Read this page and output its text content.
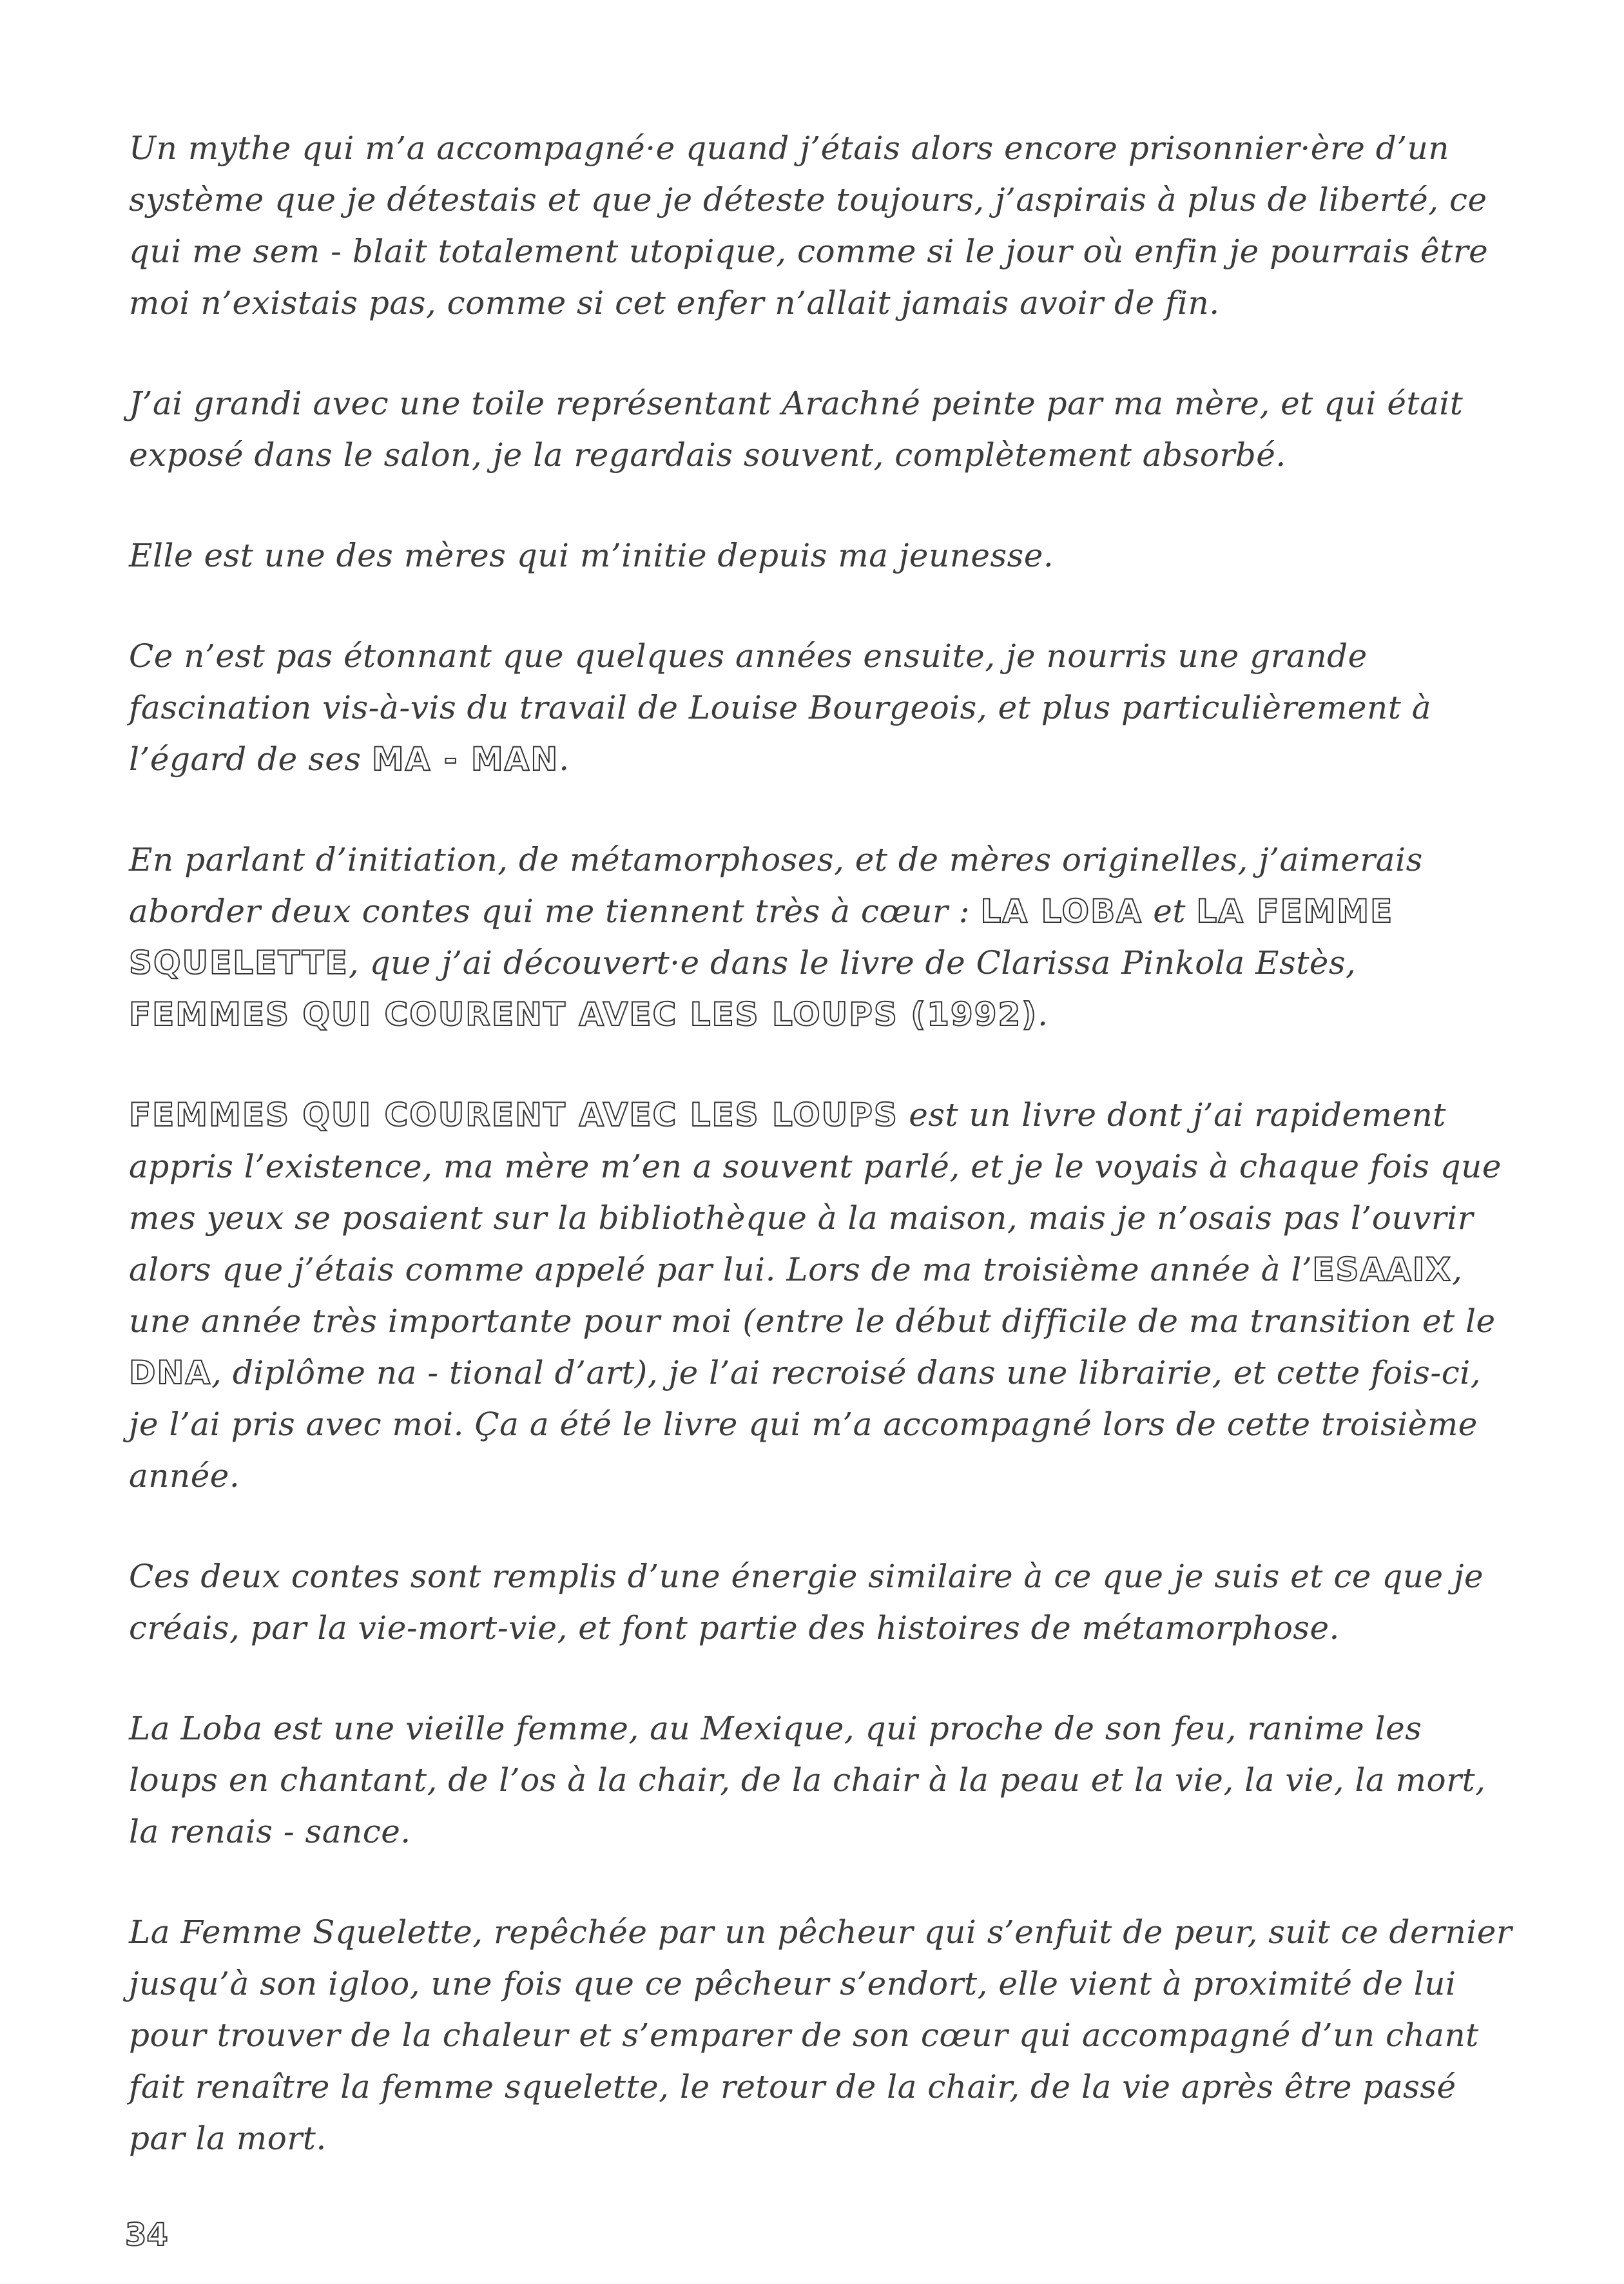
Un mythe qui m’a accompagné·e quand j’étais alors encore prisonnier·ère d’un système que je détestais et que je déteste toujours, j’aspirais à plus de liberté, ce qui me sem - blait totalement utopique, comme si le jour où enfin je pourrais être moi n’existais pas, comme si cet enfer n’allait jamais avoir de fin.

J’ai grandi avec une toile représentant Arachné peinte par ma mère, et qui était exposé dans le salon, je la regardais souvent, complètement absorbé.

Elle est une des mères qui m’initie depuis ma jeunesse.

Ce n’est pas étonnant que quelques années ensuite, je nourris une grande fascination vis-à-vis du travail de Louise Bourgeois, et plus particulièrement à l’égard de ses MA - MAN.

En parlant d’initiation, de métamorphoses, et de mères originelles, j’aimerais aborder deux contes qui me tiennent très à cœur : LA LOBA et LA FEMME SQUELETTE, que j’ai découvert·e dans le livre de Clarissa Pinkola Estès, FEMMES QUI COURENT AVEC LES LOUPS (1992).

FEMMES QUI COURENT AVEC LES LOUPS est un livre dont j’ai rapidement appris l’existence, ma mère m’en a souvent parlé, et je le voyais à chaque fois que mes yeux se posaient sur la bibliothèque à la maison, mais je n’osais pas l’ouvrir alors que j’étais comme appelé par lui. Lors de ma troisième année à l’ESAAIX, une année très importante pour moi (entre le début difficile de ma transition et le DNA, diplôme na - tional d’art), je l’ai recroisé dans une librairie, et cette fois-ci, je l’ai pris avec moi. Ça a été le livre qui m’a accompagné lors de cette troisième année.

Ces deux contes sont remplis d’une énergie similaire à ce que je suis et ce que je créais, par la vie-mort-vie, et font partie des histoires de métamorphose.

La Loba est une vieille femme, au Mexique, qui proche de son feu, ranime les loups en chantant, de l’os à la chair, de la chair à la peau et la vie, la vie, la mort, la renais - sance.

La Femme Squelette, repêchée par un pêcheur qui s’enfuit de peur, suit ce dernier jusqu’à son igloo, une fois que ce pêcheur s’endort, elle vient à proximité de lui pour trouver de la chaleur et s’emparer de son cœur qui accompagné d’un chant fait renaître la femme squelette, le retour de la chair, de la vie après être passé par la mort.

34
